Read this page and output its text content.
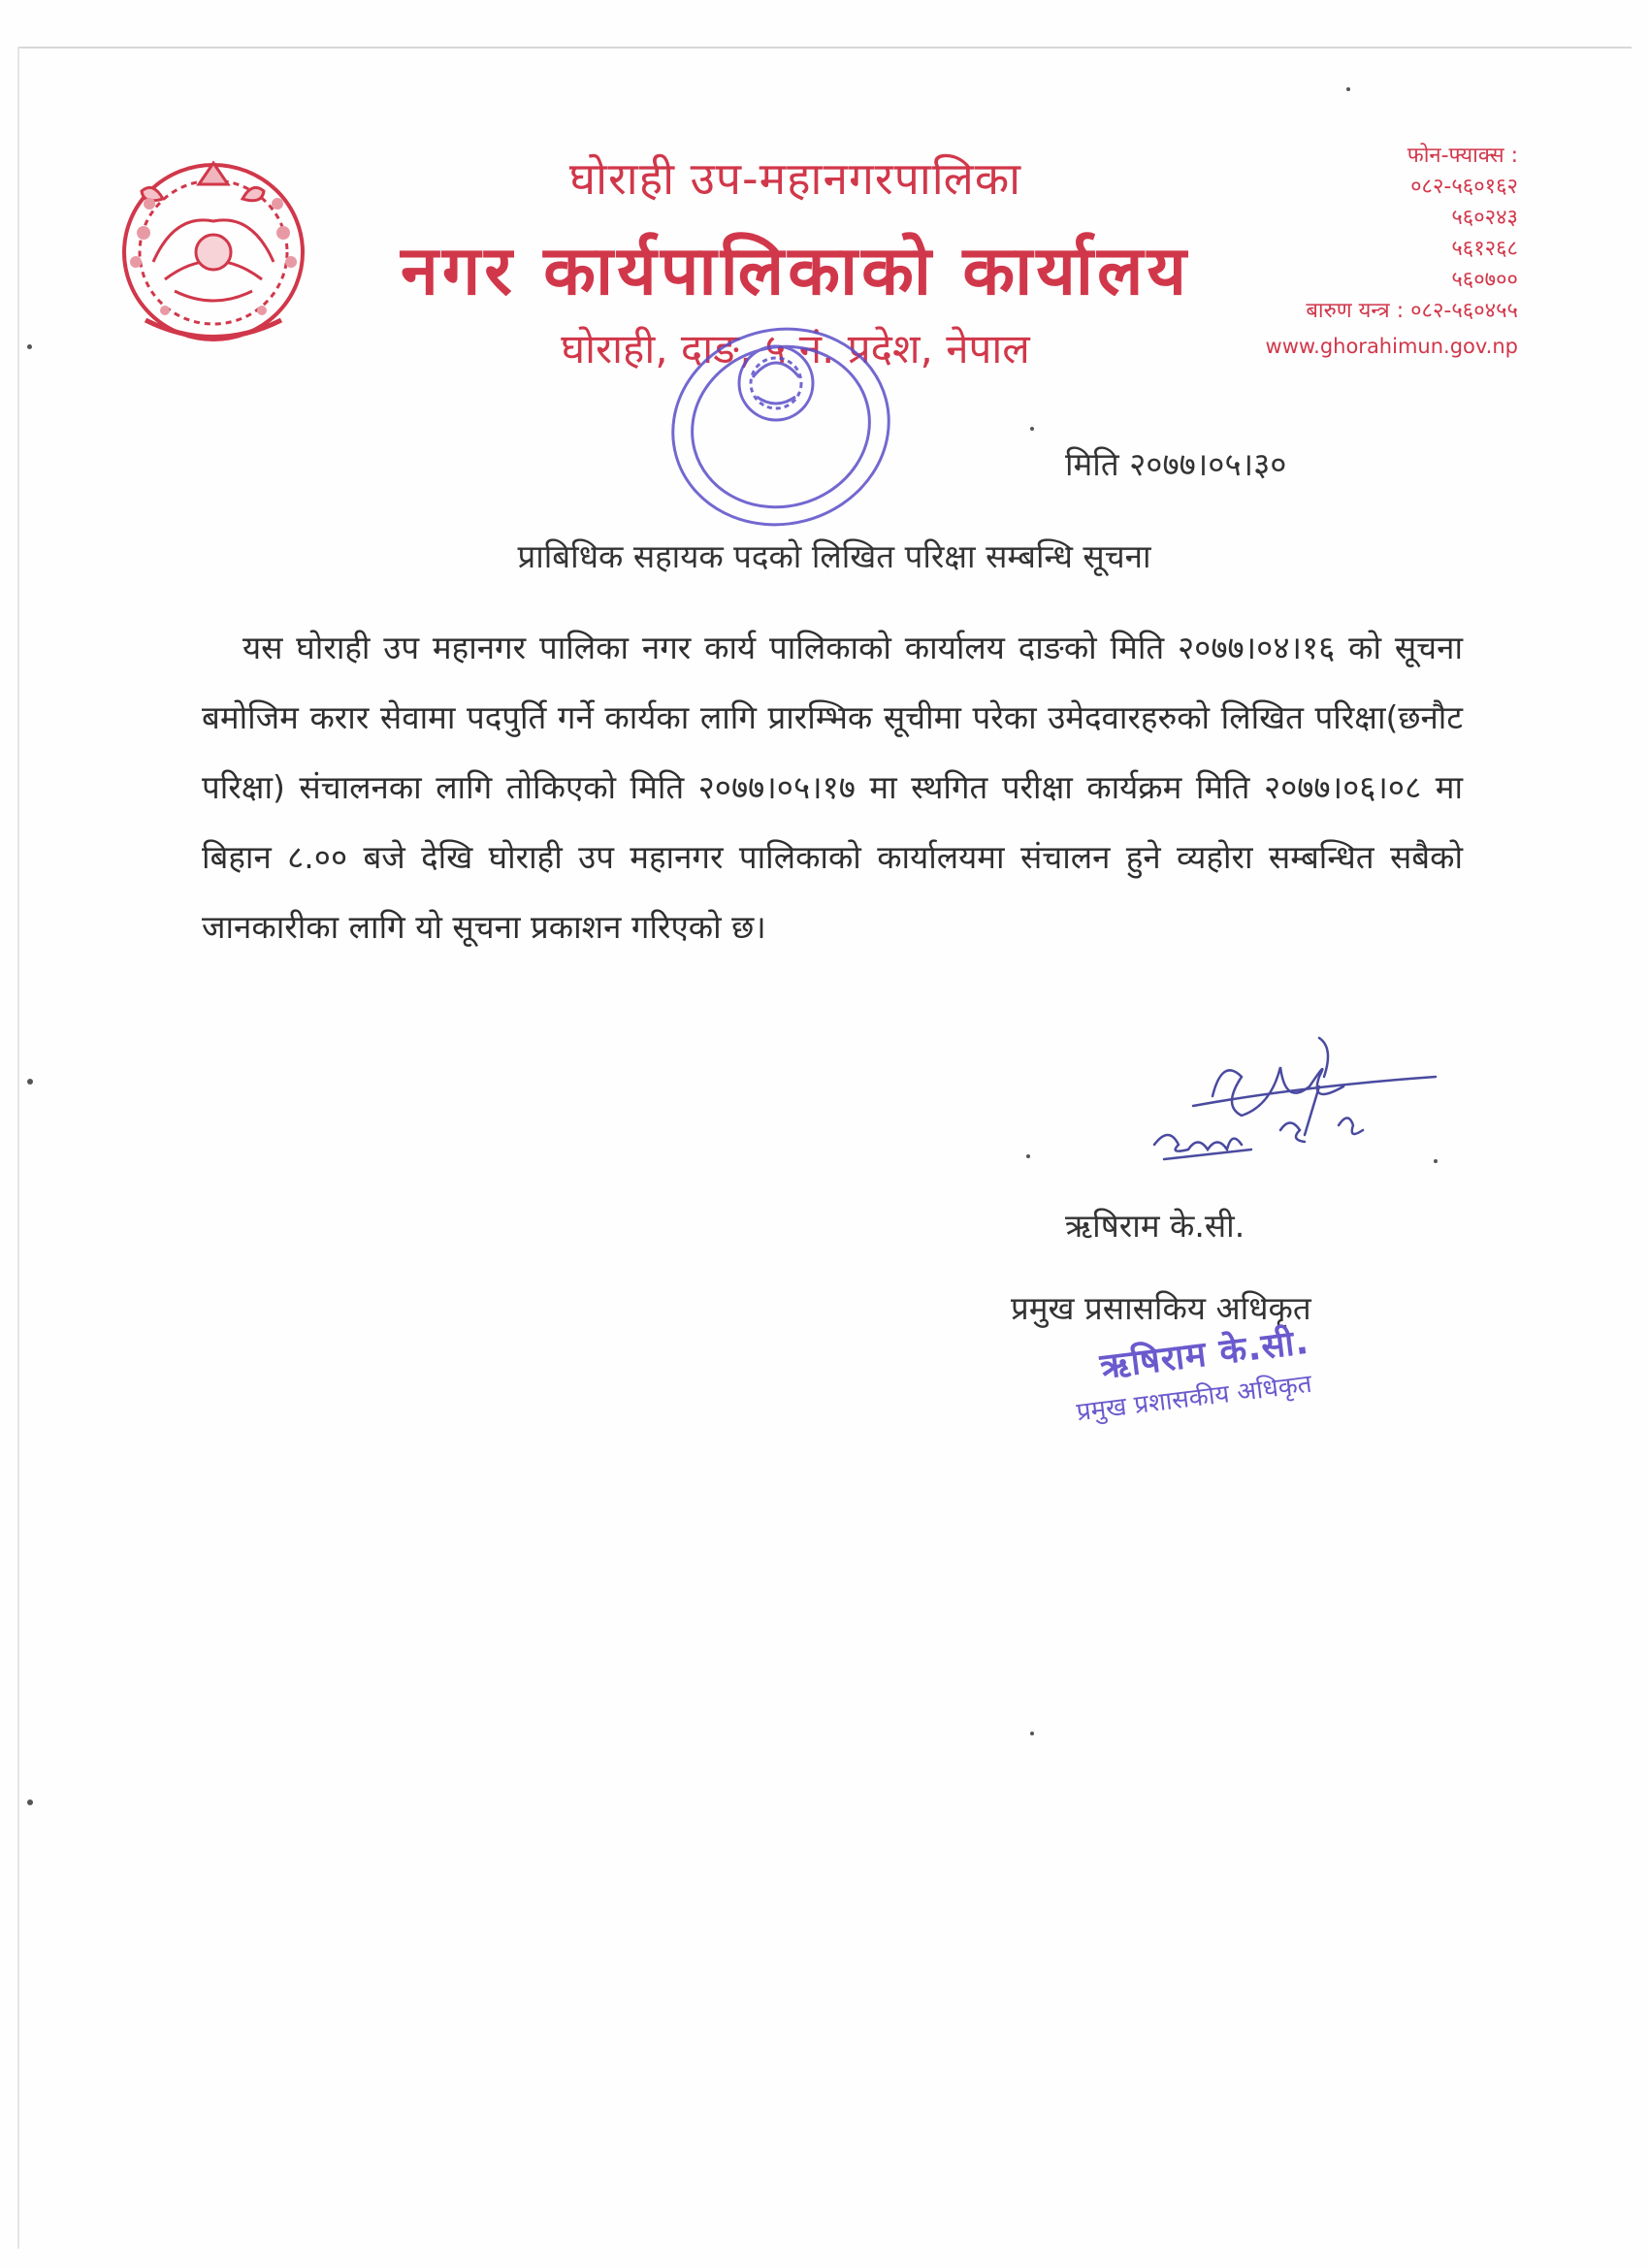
घोराही उप-महानगरपालिका
नगर कार्यपालिकाको कार्यालय
घोराही, दाङ, ५ नं. प्रदेश, नेपाल
फोन-फ्याक्स :
०८२-५६०१६२
५६०२४३
५६१२६८
५६०७००
बारुण यन्त्र : ०८२-५६०४५५
www.ghorahimun.gov.np
मिति २०७७।०५।३०
प्राबिधिक सहायक पदको लिखित परिक्षा सम्बन्धि सूचना
यस घोराही उप महानगर पालिका नगर कार्य पालिकाको कार्यालय दाङको मिति २०७७।०४।१६ को सूचना बमोजिम करार सेवामा पदपुर्ति गर्ने कार्यका लागि प्रारम्भिक सूचीमा परेका उमेदवारहरुको लिखित परिक्षा(छनौट परिक्षा) संचालनका लागि तोकिएको मिति २०७७।०५।१७ मा स्थगित परीक्षा कार्यक्रम मिति २०७७।०६।०८ मा बिहान ८.०० बजे देखि घोराही उप महानगर पालिकाको कार्यालयमा संचालन हुने व्यहोरा सम्बन्धित सबैको जानकारीका लागि यो सूचना प्रकाशन गरिएको छ।
ऋषिराम के.सी.
प्रमुख प्रसासकिय अधिकृत
ऋषिराम के.सी.
प्रमुख प्रशासकीय अधिकृत
